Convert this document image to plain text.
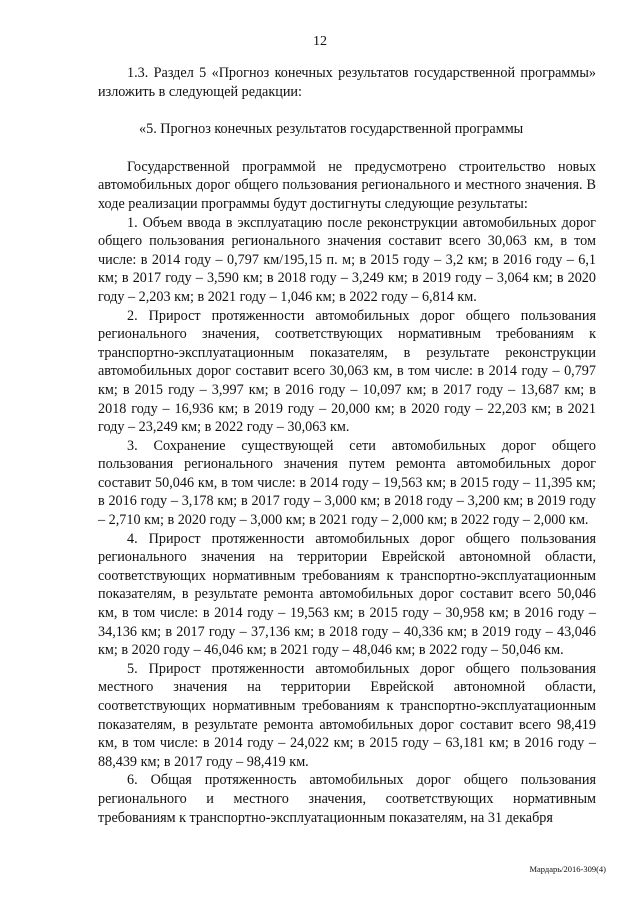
12

1.3. Раздел 5 «Прогноз конечных результатов государственной программы» изложить в следующей редакции:

«5. Прогноз конечных результатов государственной программы

Государственной программой не предусмотрено строительство новых автомобильных дорог общего пользования регионального и местного значения. В ходе реализации программы будут достигнуты следующие результаты:

1. Объем ввода в эксплуатацию после реконструкции автомобильных дорог общего пользования регионального значения составит всего 30,063 км, в том числе: в 2014 году – 0,797 км/195,15 п. м; в 2015 году – 3,2 км; в 2016 году – 6,1 км; в 2017 году – 3,590 км; в 2018 году – 3,249 км; в 2019 году – 3,064 км; в 2020 году – 2,203 км; в 2021 году – 1,046 км; в 2022 году – 6,814 км.

2. Прирост протяженности автомобильных дорог общего пользования регионального значения, соответствующих нормативным требованиям к транспортно-эксплуатационным показателям, в результате реконструкции автомобильных дорог составит всего 30,063 км, в том числе: в 2014 году – 0,797 км; в 2015 году – 3,997 км; в 2016 году – 10,097 км; в 2017 году – 13,687 км; в 2018 году – 16,936 км; в 2019 году – 20,000 км; в 2020 году – 22,203 км; в 2021 году – 23,249 км; в 2022 году – 30,063 км.

3. Сохранение существующей сети автомобильных дорог общего пользования регионального значения путем ремонта автомобильных дорог составит 50,046 км, в том числе: в 2014 году – 19,563 км; в 2015 году – 11,395 км; в 2016 году – 3,178 км; в 2017 году – 3,000 км; в 2018 году – 3,200 км; в 2019 году – 2,710 км; в 2020 году – 3,000 км; в 2021 году – 2,000 км; в 2022 году – 2,000 км.

4. Прирост протяженности автомобильных дорог общего пользования регионального значения на территории Еврейской автономной области, соответствующих нормативным требованиям к транспортно-эксплуатационным показателям, в результате ремонта автомобильных дорог составит всего 50,046 км, в том числе: в 2014 году – 19,563 км; в 2015 году – 30,958 км; в 2016 году – 34,136 км; в 2017 году – 37,136 км; в 2018 году – 40,336 км; в 2019 году – 43,046 км; в 2020 году – 46,046 км; в 2021 году – 48,046 км; в 2022 году – 50,046 км.

5. Прирост протяженности автомобильных дорог общего пользования местного значения на территории Еврейской автономной области, соответствующих нормативным требованиям к транспортно-эксплуатационным показателям, в результате ремонта автомобильных дорог составит всего 98,419 км, в том числе: в 2014 году – 24,022 км; в 2015 году – 63,181 км; в 2016 году – 88,439 км; в 2017 году – 98,419 км.

6. Общая протяженность автомобильных дорог общего пользования регионального и местного значения, соответствующих нормативным требованиям к транспортно-эксплуатационным показателям, на 31 декабря

Мардарь/2016-309(4)
